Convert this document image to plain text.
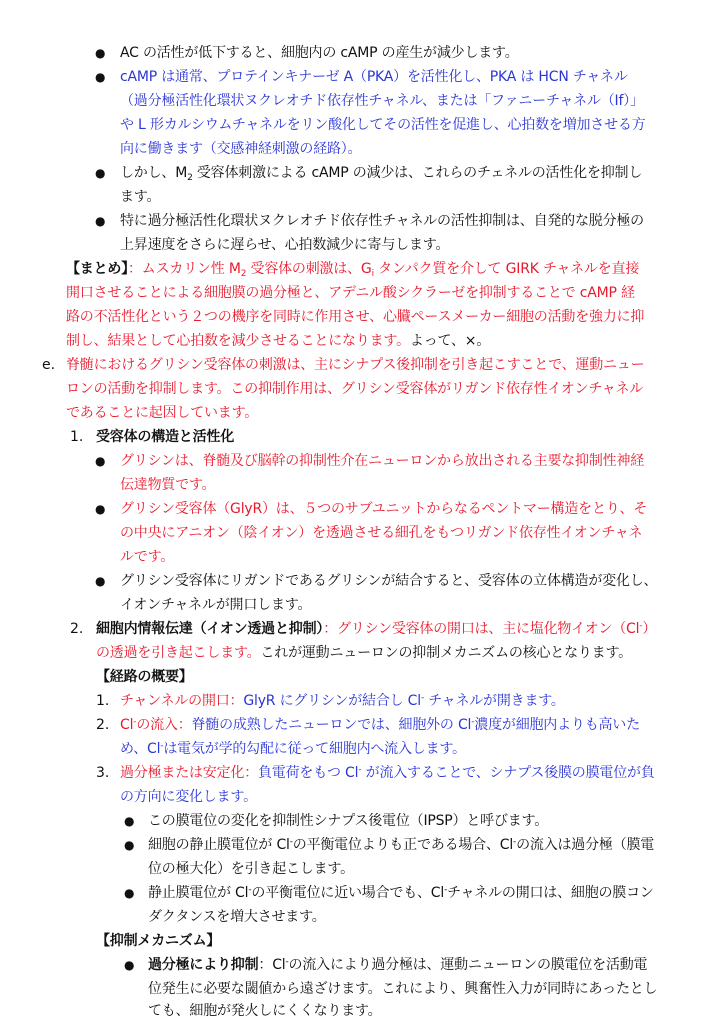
● AC の活性が低下すると、細胞内の cAMP の産生が減少します。
● cAMP は通常、プロテインキナーゼ A（PKA）を活性化し、PKA は HCN チャネル
（過分極活性化環状ヌクレオチド依存性チャネル、または「ファニーチャネル（If）」
や L 形カルシウムチャネルをリン酸化してその活性を促進し、心拍数を増加させる方
向に働きます（交感神経刺激の経路）。
● しかし、$M_2$ 受容体刺激による cAMP の減少は、これらのチェネルの活性化を抑制し
ます。
● 特に過分極活性化環状ヌクレオチド依存性チャネルの活性抑制は、自発的な脱分極の
上昇速度をさらに遅らせ、心拍数減少に寄与します。
【まとめ】：ムスカリン性 $M_2$ 受容体の刺激は、$G_i$ タンパク質を介して GIRK チャネルを直接
開口させることによる細胞膜の過分極と、アデニル酸シクラーゼを抑制することで cAMP 経
路の不活性化という２つの機序を同時に作用させ、心臓ペースメーカー細胞の活動を強力に抑
制し、結果として心拍数を減少させることになります。よって、×。
e. 脊髄におけるグリシン受容体の刺激は、主にシナプス後抑制を引き起こすことで、運動ニュー
ロンの活動を抑制します。この抑制作用は、グリシン受容体がリガンド依存性イオンチャネル
であることに起因しています。
1. 受容体の構造と活性化
● グリシンは、脊髄及び脳幹の抑制性介在ニューロンから放出される主要な抑制性神経
伝達物質です。
● グリシン受容体（GlyR）は、５つのサブユニットからなるペントマー構造をとり、そ
の中央にアニオン（陰イオン）を透過させる細孔をもつリガンド依存性イオンチャネ
ルです。
● グリシン受容体にリガンドであるグリシンが結合すると、受容体の立体構造が変化し、
イオンチャネルが開口します。
2. 細胞内情報伝達（イオン透過と抑制）：グリシン受容体の開口は、主に塩化物イオン（Cl-）
の透過を引き起こします。これが運動ニューロンの抑制メカニズムの核心となります。
【経路の概要】
1. チャンネルの開口：GlyR にグリシンが結合し Cl- チャネルが開きます。
2. Cl-の流入：脊髄の成熟したニューロンでは、細胞外の Cl-濃度が細胞内よりも高いた
め、Cl-は電気が学的勾配に従って細胞内へ流入します。
3. 過分極または安定化：負電荷をもつ Cl- が流入することで、シナプス後膜の膜電位が負
の方向に変化します。
● この膜電位の変化を抑制性シナプス後電位（IPSP）と呼びます。
● 細胞の静止膜電位が Cl-の平衡電位よりも正である場合、Cl-の流入は過分極（膜電
位の極大化）を引き起こします。
● 静止膜電位が Cl-の平衡電位に近い場合でも、Cl-チャネルの開口は、細胞の膜コン
ダクタンスを増大させます。
【抑制メカニズム】
● 過分極により抑制：Cl-の流入により過分極は、運動ニューロンの膜電位を活動電
位発生に必要な閾値から遠ざけます。これにより、興奮性入力が同時にあったとし
ても、細胞が発火しにくくなります。
